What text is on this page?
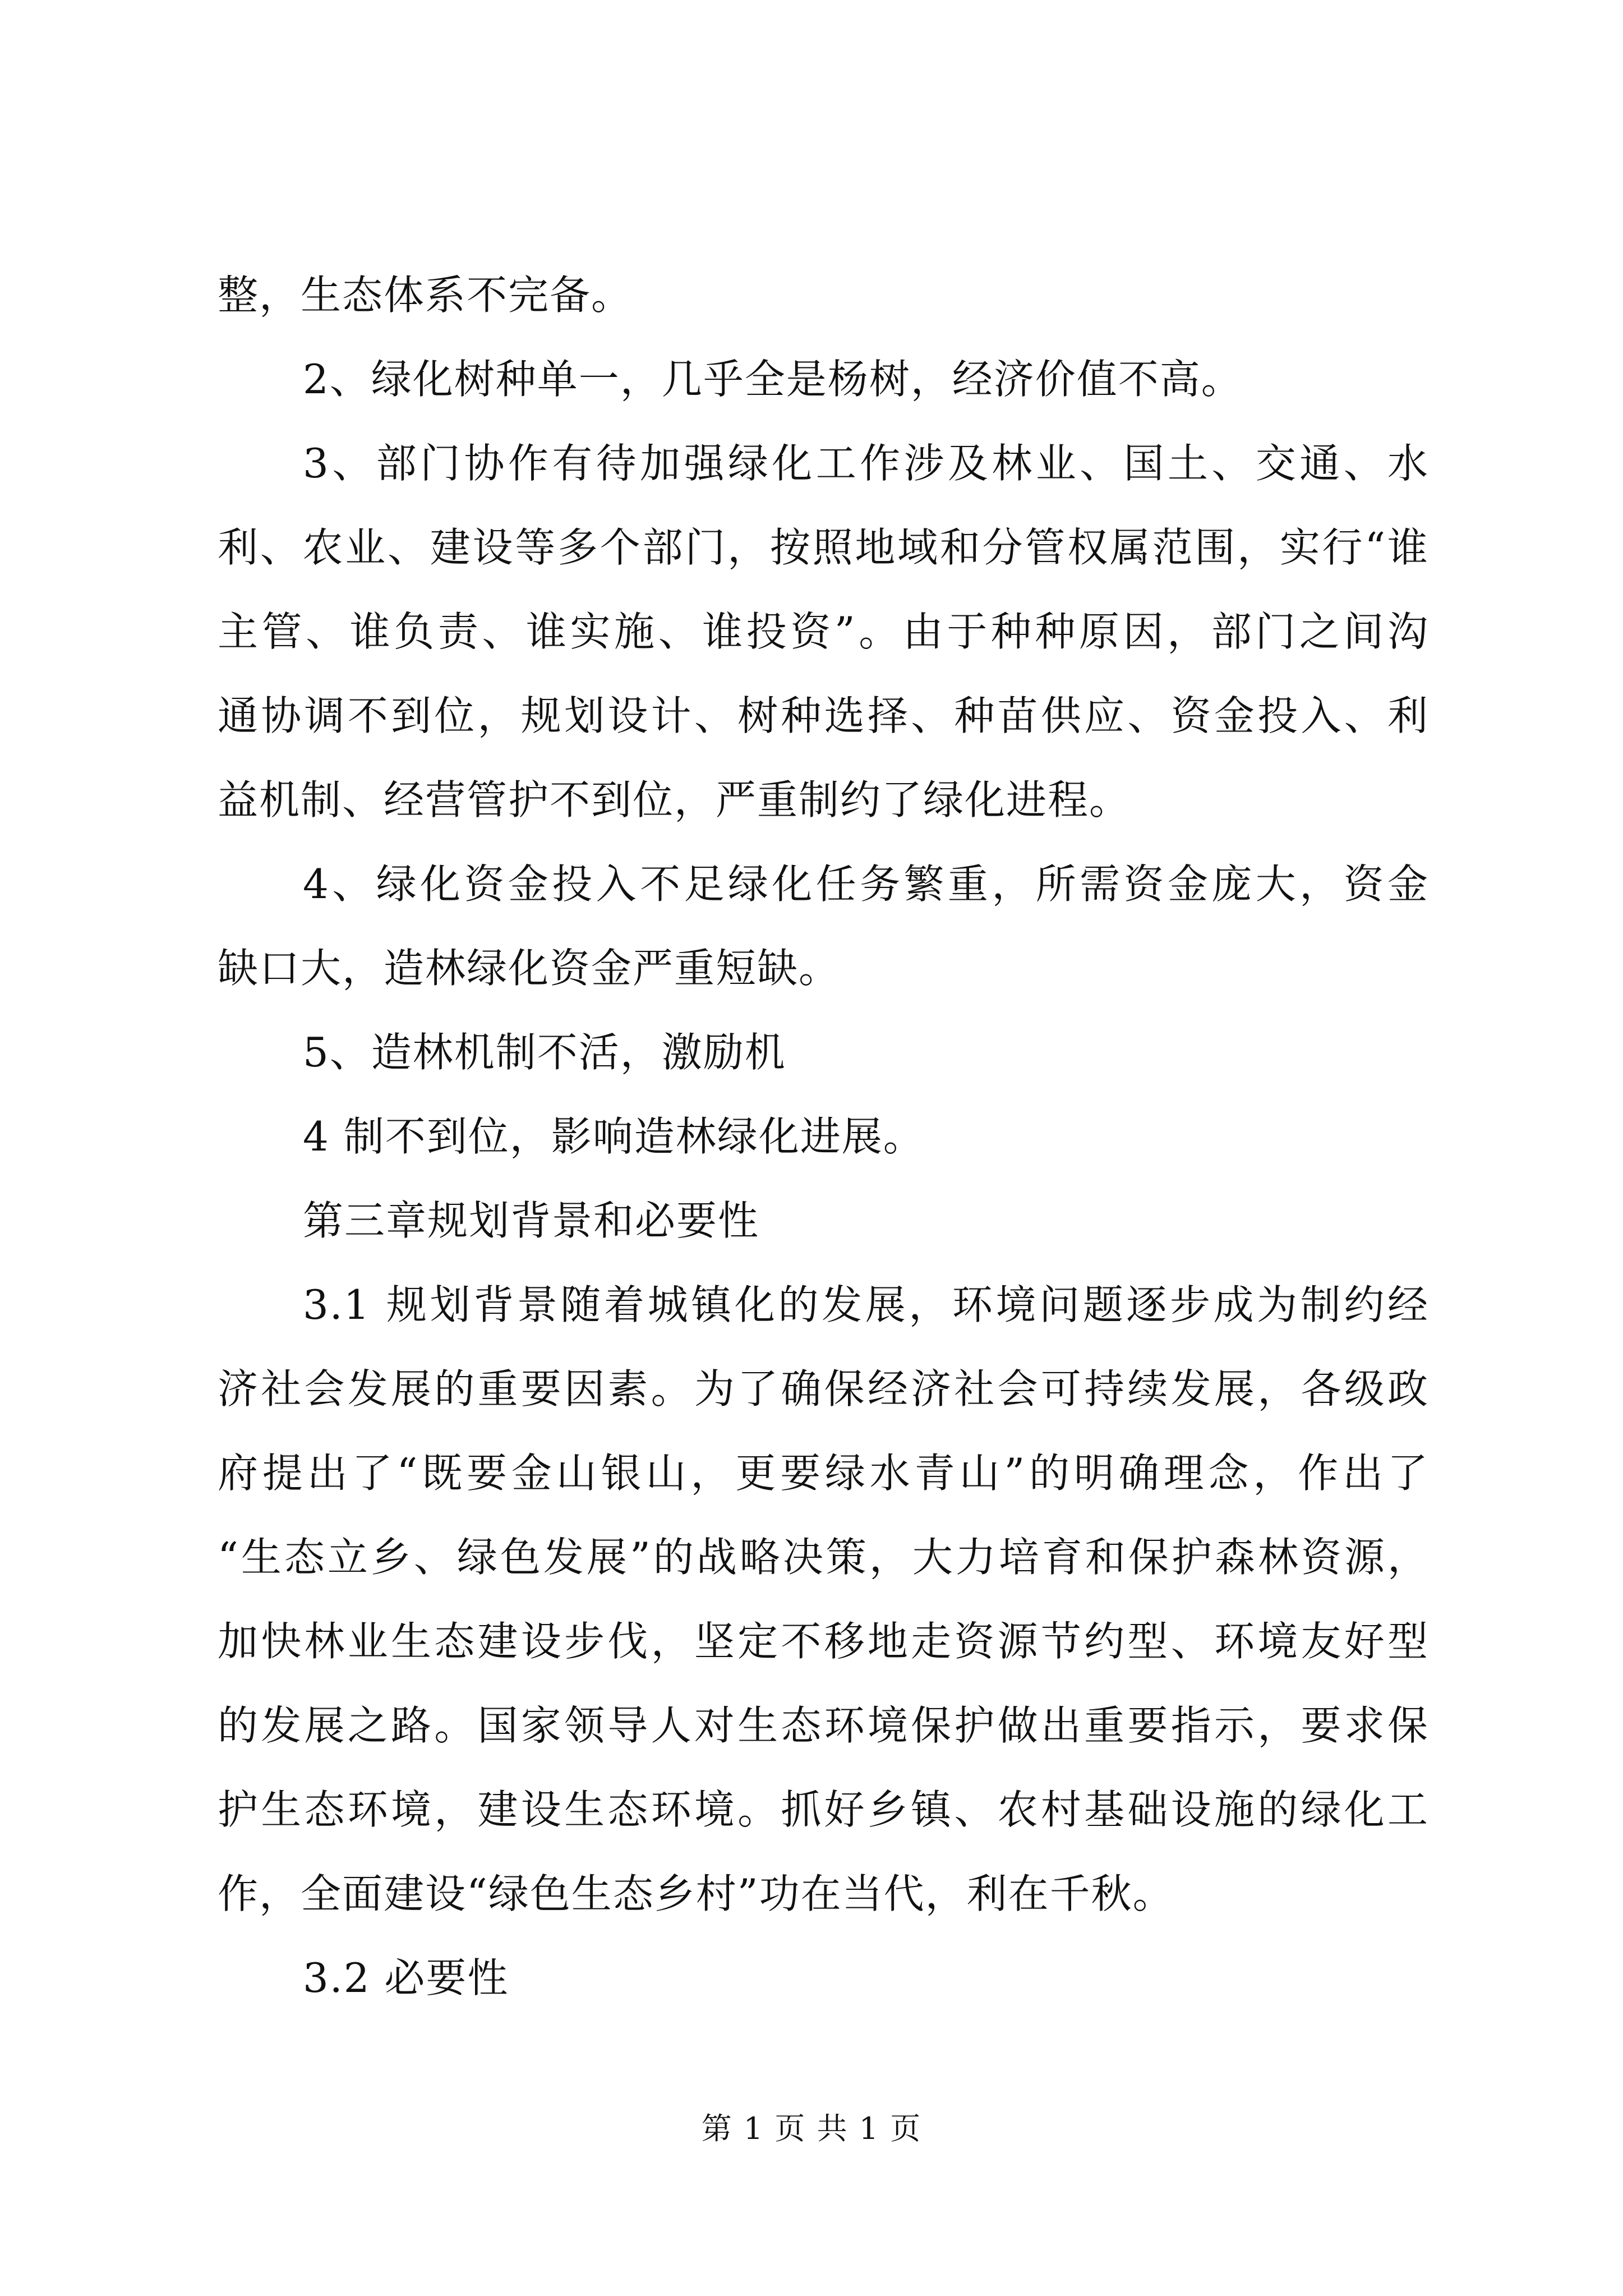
整，生态体系不完备。
2、绿化树种单一，几乎全是杨树，经济价值不高。
3、部门协作有待加强绿化工作涉及林业、国土、交通、水
利、农业、建设等多个部门，按照地域和分管权属范围，实行“谁
主管、谁负责、谁实施、谁投资”。由于种种原因，部门之间沟
通协调不到位，规划设计、树种选择、种苗供应、资金投入、利
益机制、经营管护不到位，严重制约了绿化进程。
4、绿化资金投入不足绿化任务繁重，所需资金庞大，资金
缺口大，造林绿化资金严重短缺。
5、造林机制不活，激励机
4 制不到位，影响造林绿化进展。
第三章规划背景和必要性
3.1 规划背景随着城镇化的发展，环境问题逐步成为制约经
济社会发展的重要因素。为了确保经济社会可持续发展，各级政
府提出了“既要金山银山，更要绿水青山”的明确理念，作出了
“生态立乡、绿色发展”的战略决策，大力培育和保护森林资源，
加快林业生态建设步伐，坚定不移地走资源节约型、环境友好型
的发展之路。国家领导人对生态环境保护做出重要指示，要求保
护生态环境，建设生态环境。抓好乡镇、农村基础设施的绿化工
作，全面建设“绿色生态乡村”功在当代，利在千秋。
3.2 必要性
第 1 页 共 1 页
